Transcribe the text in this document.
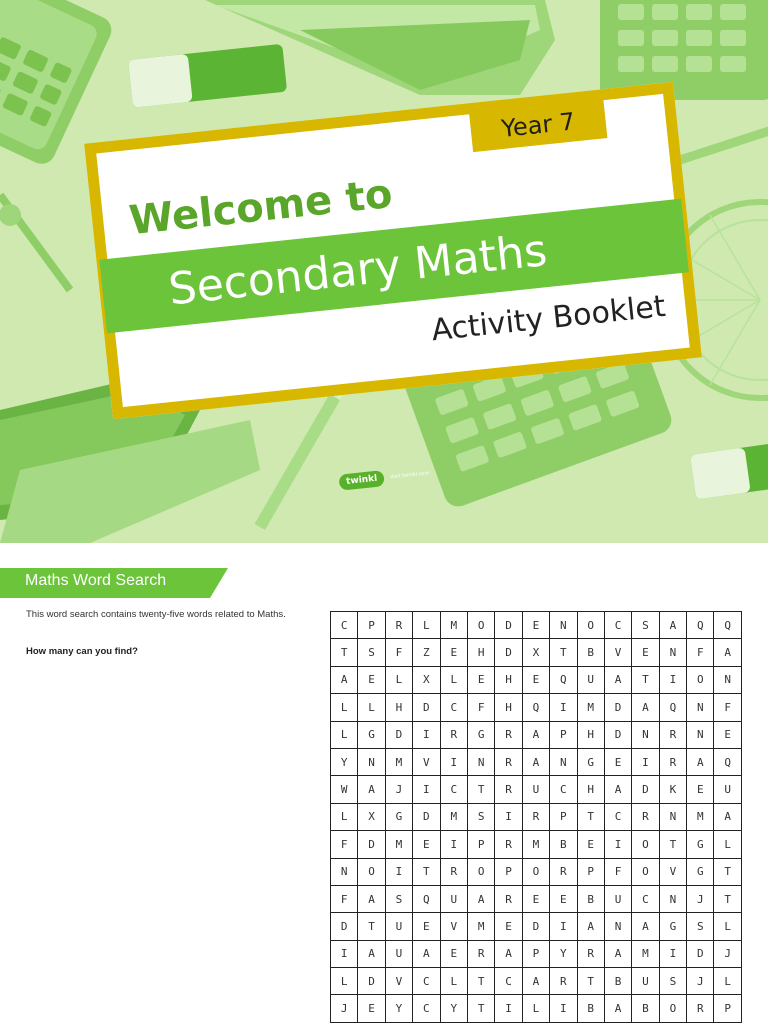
Year 7
Welcome to
Secondary Maths
Activity Booklet
twinkl	Visit twinkl.com
Maths Word Search
This word search contains twenty-five words related to Maths.
How many can you find?
C	P	R	L	M	O	D	E	N	O	C	S	A	Q	Q
T	S	F	Z	E	H	D	X	T	B	V	E	N	F	A
A	E	L	X	L	E	H	E	Q	U	A	T	I	O	N
L	L	H	D	C	F	H	Q	I	M	D	A	Q	N	F
L	G	D	I	R	G	R	A	P	H	D	N	R	N	E
Y	N	M	V	I	N	R	A	N	G	E	I	R	A	Q
W	A	J	I	C	T	R	U	C	H	A	D	K	E	U
L	X	G	D	M	S	I	R	P	T	C	R	N	M	A
F	D	M	E	I	P	R	M	B	E	I	O	T	G	L
N	O	I	T	R	O	P	O	R	P	F	O	V	G	T
F	A	S	Q	U	A	R	E	E	B	U	C	N	J	T
D	T	U	E	V	M	E	D	I	A	N	A	G	S	L
I	A	U	A	E	R	A	P	Y	R	A	M	I	D	J
L	D	V	C	L	T	C	A	R	T	B	U	S	J	L
J	E	Y	C	Y	T	I	L	I	B	A	B	O	R	P
